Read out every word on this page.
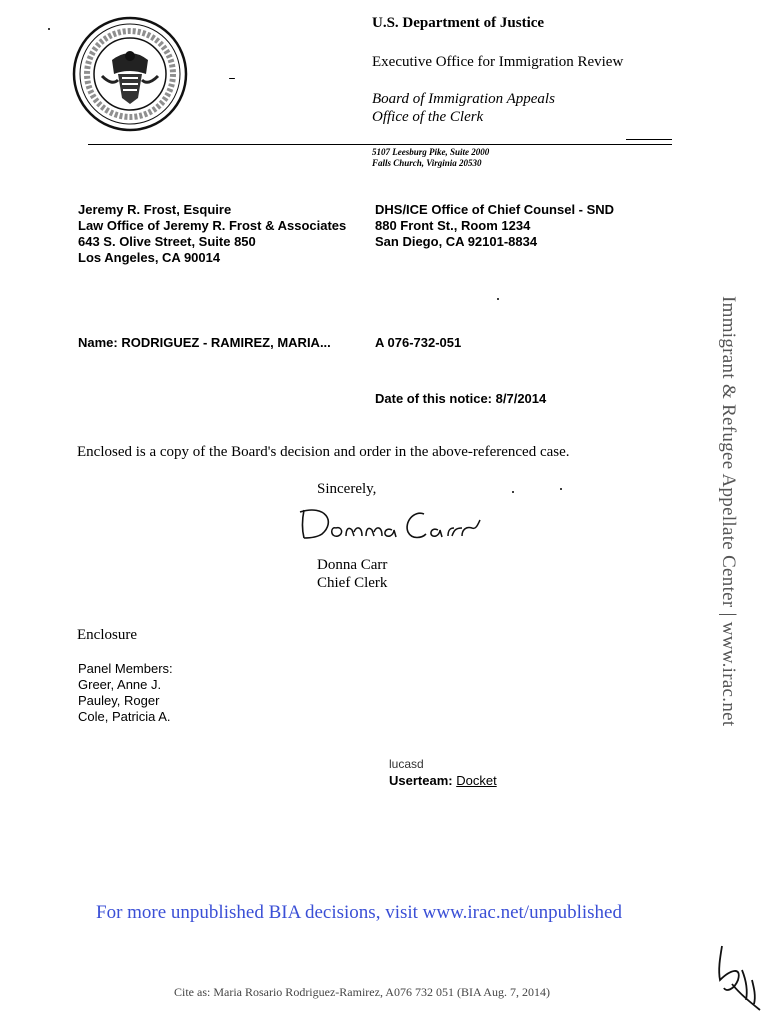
U.S. Department of Justice
Executive Office for Immigration Review
Board of Immigration Appeals
Office of the Clerk
5107 Leesburg Pike, Suite 2000
Falls Church, Virginia 20530
Jeremy R. Frost, Esquire
Law Office of Jeremy R. Frost & Associates
643 S. Olive Street, Suite 850
Los Angeles, CA 90014
DHS/ICE Office of Chief Counsel - SND
880 Front St., Room 1234
San Diego, CA 92101-8834
Name: RODRIGUEZ - RAMIREZ, MARIA...	A 076-732-051
Date of this notice: 8/7/2014
Enclosed is a copy of the Board's decision and order in the above-referenced case.
Sincerely,
Donna Carr
Chief Clerk
Enclosure
Panel Members:
Greer, Anne J.
Pauley, Roger
Cole, Patricia A.
lucasd
Userteam: Docket
For more unpublished BIA decisions, visit www.irac.net/unpublished
Cite as: Maria Rosario Rodriguez-Ramirez, A076 732 051 (BIA Aug. 7, 2014)
Immigrant & Refugee Appellate Center | www.irac.net
